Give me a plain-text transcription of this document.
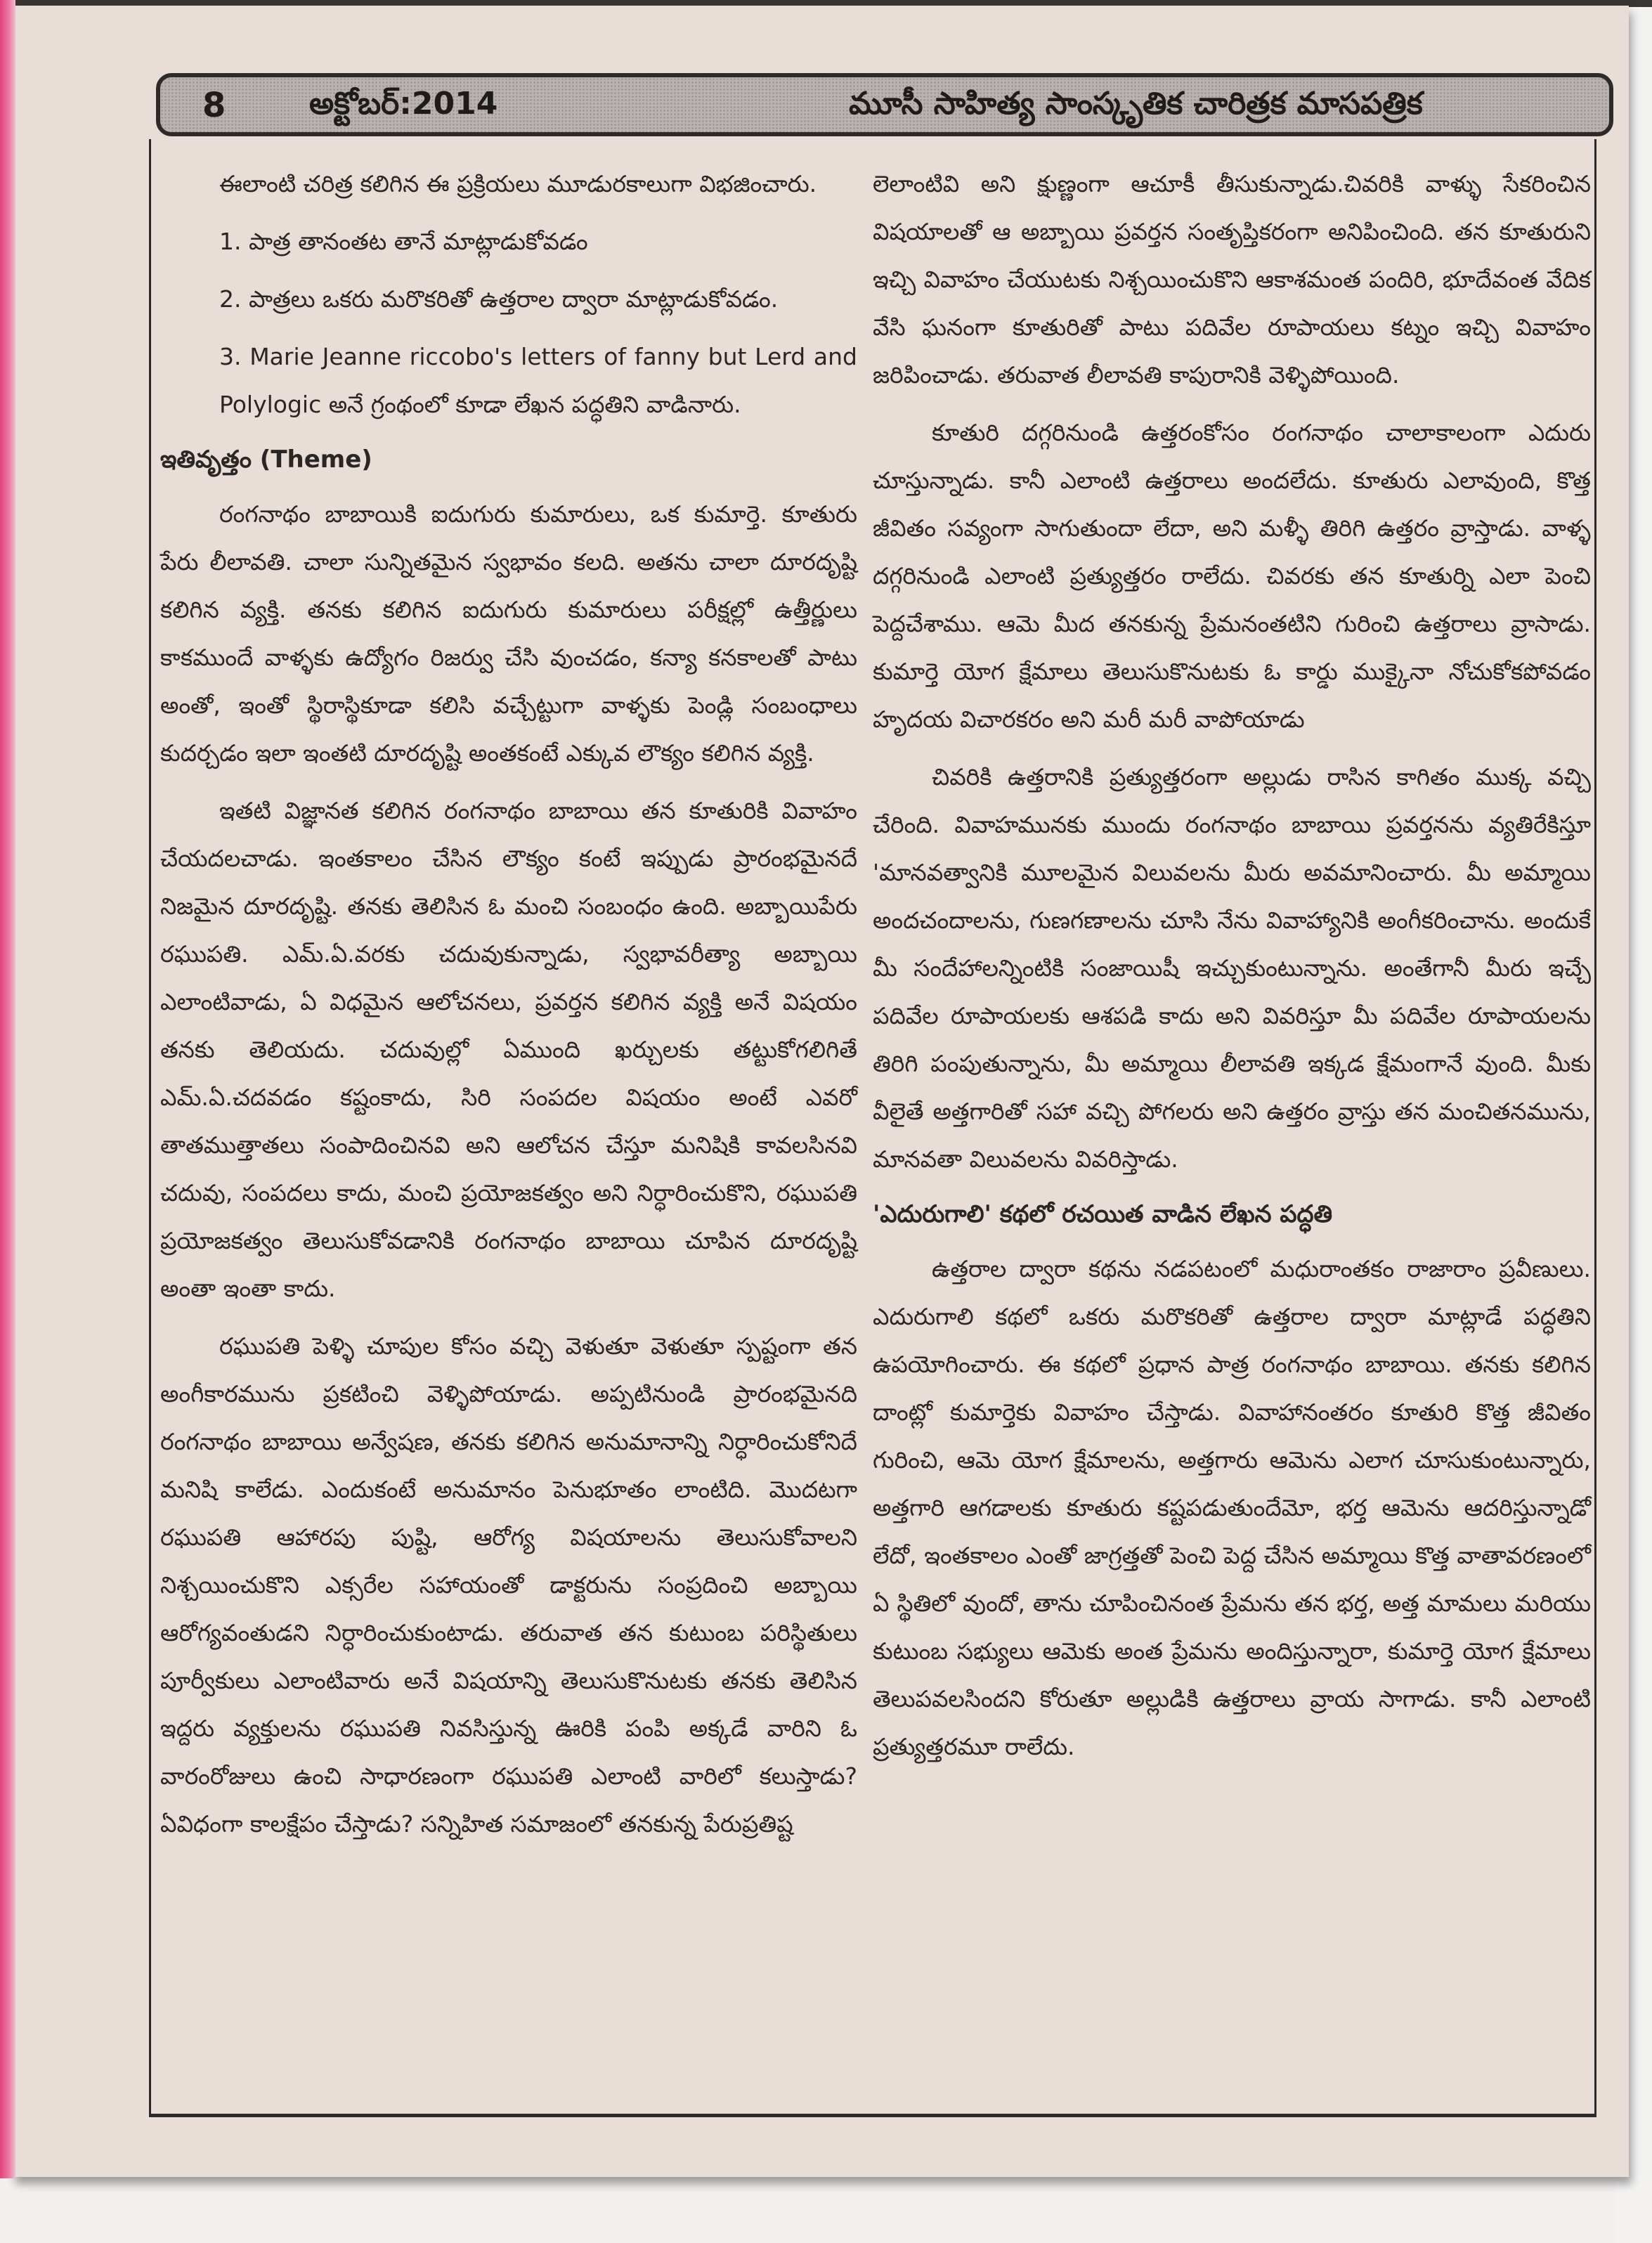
8	అక్టోబర్:2014	మూసీ సాహిత్య సాంస్కృతిక చారిత్రక మాసపత్రిక

ఈలాంటి చరిత్ర కలిగిన ఈ ప్రక్రియలు మూడురకాలుగా విభజించారు.

1. పాత్ర తానంతట తానే మాట్లాడుకోవడం

2. పాత్రలు ఒకరు మరొకరితో ఉత్తరాల ద్వారా మాట్లాడుకోవడం.

3. Marie Jeanne riccobo's letters of fanny but Lerd and Polylogic అనే గ్రంథంలో కూడా లేఖన పద్ధతిని వాడినారు.

ఇతివృత్తం (Theme)

రంగనాథం బాబాయికి ఐదుగురు కుమారులు, ఒక కుమార్తె. కూతురు పేరు లీలావతి. చాలా సున్నితమైన స్వభావం కలది. అతను చాలా దూరదృష్టి కలిగిన వ్యక్తి. తనకు కలిగిన ఐదుగురు కుమారులు పరీక్షల్లో ఉత్తీర్ణులు కాకముందే వాళ్ళకు ఉద్యోగం రిజర్వు చేసి వుంచడం, కన్యా కనకాలతో పాటు అంతో, ఇంతో స్థిరాస్థికూడా కలిసి వచ్చేట్టుగా వాళ్ళకు పెండ్లి సంబంధాలు కుదర్చడం ఇలా ఇంతటి దూరదృష్టి అంతకంటే ఎక్కువ లౌక్యం కలిగిన వ్యక్తి.

ఇతటి విజ్ఞానత కలిగిన రంగనాథం బాబాయి తన కూతురికి వివాహం చేయదలచాడు. ఇంతకాలం చేసిన లౌక్యం కంటే ఇప్పుడు ప్రారంభమైనదే నిజమైన దూరదృష్టి. తనకు తెలిసిన ఓ మంచి సంబంధం ఉంది. అబ్బాయిపేరు రఘుపతి. ఎమ్.ఏ.వరకు చదువుకున్నాడు, స్వభావరీత్యా అబ్బాయి ఎలాంటివాడు, ఏ విధమైన ఆలోచనలు, ప్రవర్తన కలిగిన వ్యక్తి అనే విషయం తనకు తెలియదు. చదువుల్లో ఏముంది ఖర్చులకు తట్టుకోగలిగితే ఎమ్.ఏ.చదవడం కష్టంకాదు, సిరి సంపదల విషయం అంటే ఎవరో తాతముత్తాతలు సంపాదించినవి అని ఆలోచన చేస్తూ మనిషికి కావలసినవి చదువు, సంపదలు కాదు, మంచి ప్రయోజకత్వం అని నిర్ధారించుకొని, రఘుపతి ప్రయోజకత్వం తెలుసుకోవడానికి రంగనాథం బాబాయి చూపిన దూరదృష్టి అంతా ఇంతా కాదు.

రఘుపతి పెళ్ళి చూపుల కోసం వచ్చి వెళుతూ వెళుతూ స్పష్టంగా తన అంగీకారమును ప్రకటించి వెళ్ళిపోయాడు. అప్పటినుండి ప్రారంభమైనది రంగనాథం బాబాయి అన్వేషణ, తనకు కలిగిన అనుమానాన్ని నిర్ధారించుకోనిదే మనిషి కాలేడు. ఎందుకంటే అనుమానం పెనుభూతం లాంటిది. మొదటగా రఘుపతి ఆహారపు పుష్టి, ఆరోగ్య విషయాలను తెలుసుకోవాలని నిశ్చయించుకొని ఎక్సరేల సహాయంతో డాక్టరును సంప్రదించి అబ్బాయి ఆరోగ్యవంతుడని నిర్ధారించుకుంటాడు. తరువాత తన కుటుంబ పరిస్థితులు పూర్వీకులు ఎలాంటివారు అనే విషయాన్ని తెలుసుకొనుటకు తనకు తెలిసిన ఇద్దరు వ్యక్తులను రఘుపతి నివసిస్తున్న ఊరికి పంపి అక్కడే వారిని ఓ వారంరోజులు ఉంచి సాధారణంగా రఘుపతి ఎలాంటి వారిలో కలుస్తాడు? ఏవిధంగా కాలక్షేపం చేస్తాడు? సన్నిహిత సమాజంలో తనకున్న పేరుప్రతిష్ట

లెలాంటివి అని క్షుణ్ణంగా ఆచూకీ తీసుకున్నాడు.చివరికి వాళ్ళు సేకరించిన విషయాలతో ఆ అబ్బాయి ప్రవర్తన సంతృప్తికరంగా అనిపించింది. తన కూతురుని ఇచ్చి వివాహం చేయుటకు నిశ్చయించుకొని ఆకాశమంత పందిరి, భూదేవంత వేదిక వేసి ఘనంగా కూతురితో పాటు పదివేల రూపాయలు కట్నం ఇచ్చి వివాహం జరిపించాడు. తరువాత లీలావతి కాపురానికి వెళ్ళిపోయింది.

కూతురి దగ్గరినుండి ఉత్తరంకోసం రంగనాథం చాలాకాలంగా ఎదురు చూస్తున్నాడు. కానీ ఎలాంటి ఉత్తరాలు అందలేదు. కూతురు ఎలావుంది, కొత్త జీవితం సవ్యంగా సాగుతుందా లేదా, అని మళ్ళీ తిరిగి ఉత్తరం వ్రాస్తాడు. వాళ్ళ దగ్గరినుండి ఎలాంటి ప్రత్యుత్తరం రాలేదు. చివరకు తన కూతుర్ని ఎలా పెంచి పెద్దచేశాము. ఆమె మీద తనకున్న ప్రేమనంతటిని గురించి ఉత్తరాలు వ్రాసాడు. కుమార్తె యోగ క్షేమాలు తెలుసుకొనుటకు ఓ కార్డు ముక్కైనా నోచుకోకపోవడం హృదయ విచారకరం అని మరీ మరీ వాపోయాడు

చివరికి ఉత్తరానికి ప్రత్యుత్తరంగా అల్లుడు రాసిన కాగితం ముక్క వచ్చి చేరింది. వివాహమునకు ముందు రంగనాథం బాబాయి ప్రవర్తనను వ్యతిరేకిస్తూ 'మానవత్వానికి మూలమైన విలువలను మీరు అవమానించారు. మీ అమ్మాయి అందచందాలను, గుణగణాలను చూసి నేను వివాహ్యానికి అంగీకరించాను. అందుకే మీ సందేహాలన్నింటికి సంజాయిషీ ఇచ్చుకుంటున్నాను. అంతేగానీ మీరు ఇచ్చే పదివేల రూపాయలకు ఆశపడి కాదు అని వివరిస్తూ మీ పదివేల రూపాయలను తిరిగి పంపుతున్నాను, మీ అమ్మాయి లీలావతి ఇక్కడ క్షేమంగానే వుంది. మీకు వీలైతే అత్తగారితో సహా వచ్చి పోగలరు అని ఉత్తరం వ్రాస్తు తన మంచితనమును, మానవతా విలువలను వివరిస్తాడు.

'ఎదురుగాలి' కథలో రచయిత వాడిన లేఖన పద్ధతి

ఉత్తరాల ద్వారా కథను నడపటంలో మధురాంతకం రాజారాం ప్రవీణులు. ఎదురుగాలి కథలో ఒకరు మరొకరితో ఉత్తరాల ద్వారా మాట్లాడే పద్ధతిని ఉపయోగించారు. ఈ కథలో ప్రధాన పాత్ర రంగనాథం బాబాయి. తనకు కలిగిన దాంట్లో కుమార్తెకు వివాహం చేస్తాడు. వివాహానంతరం కూతురి కొత్త జీవితం గురించి, ఆమె యోగ క్షేమాలను, అత్తగారు ఆమెను ఎలాగ చూసుకుంటున్నారు, అత్తగారి ఆగడాలకు కూతురు కష్టపడుతుందేమో, భర్త ఆమెను ఆదరిస్తున్నాడో లేదో, ఇంతకాలం ఎంతో జాగ్రత్తతో పెంచి పెద్ద చేసిన అమ్మాయి కొత్త వాతావరణంలో ఏ స్థితిలో వుందో, తాను చూపించినంత ప్రేమను తన భర్త, అత్త మామలు మరియు కుటుంబ సభ్యులు ఆమెకు అంత ప్రేమను అందిస్తున్నారా, కుమార్తె యోగ క్షేమాలు తెలుపవలసిందని కోరుతూ అల్లుడికి ఉత్తరాలు వ్రాయ సాగాడు. కానీ ఎలాంటి ప్రత్యుత్తరమూ రాలేదు.
